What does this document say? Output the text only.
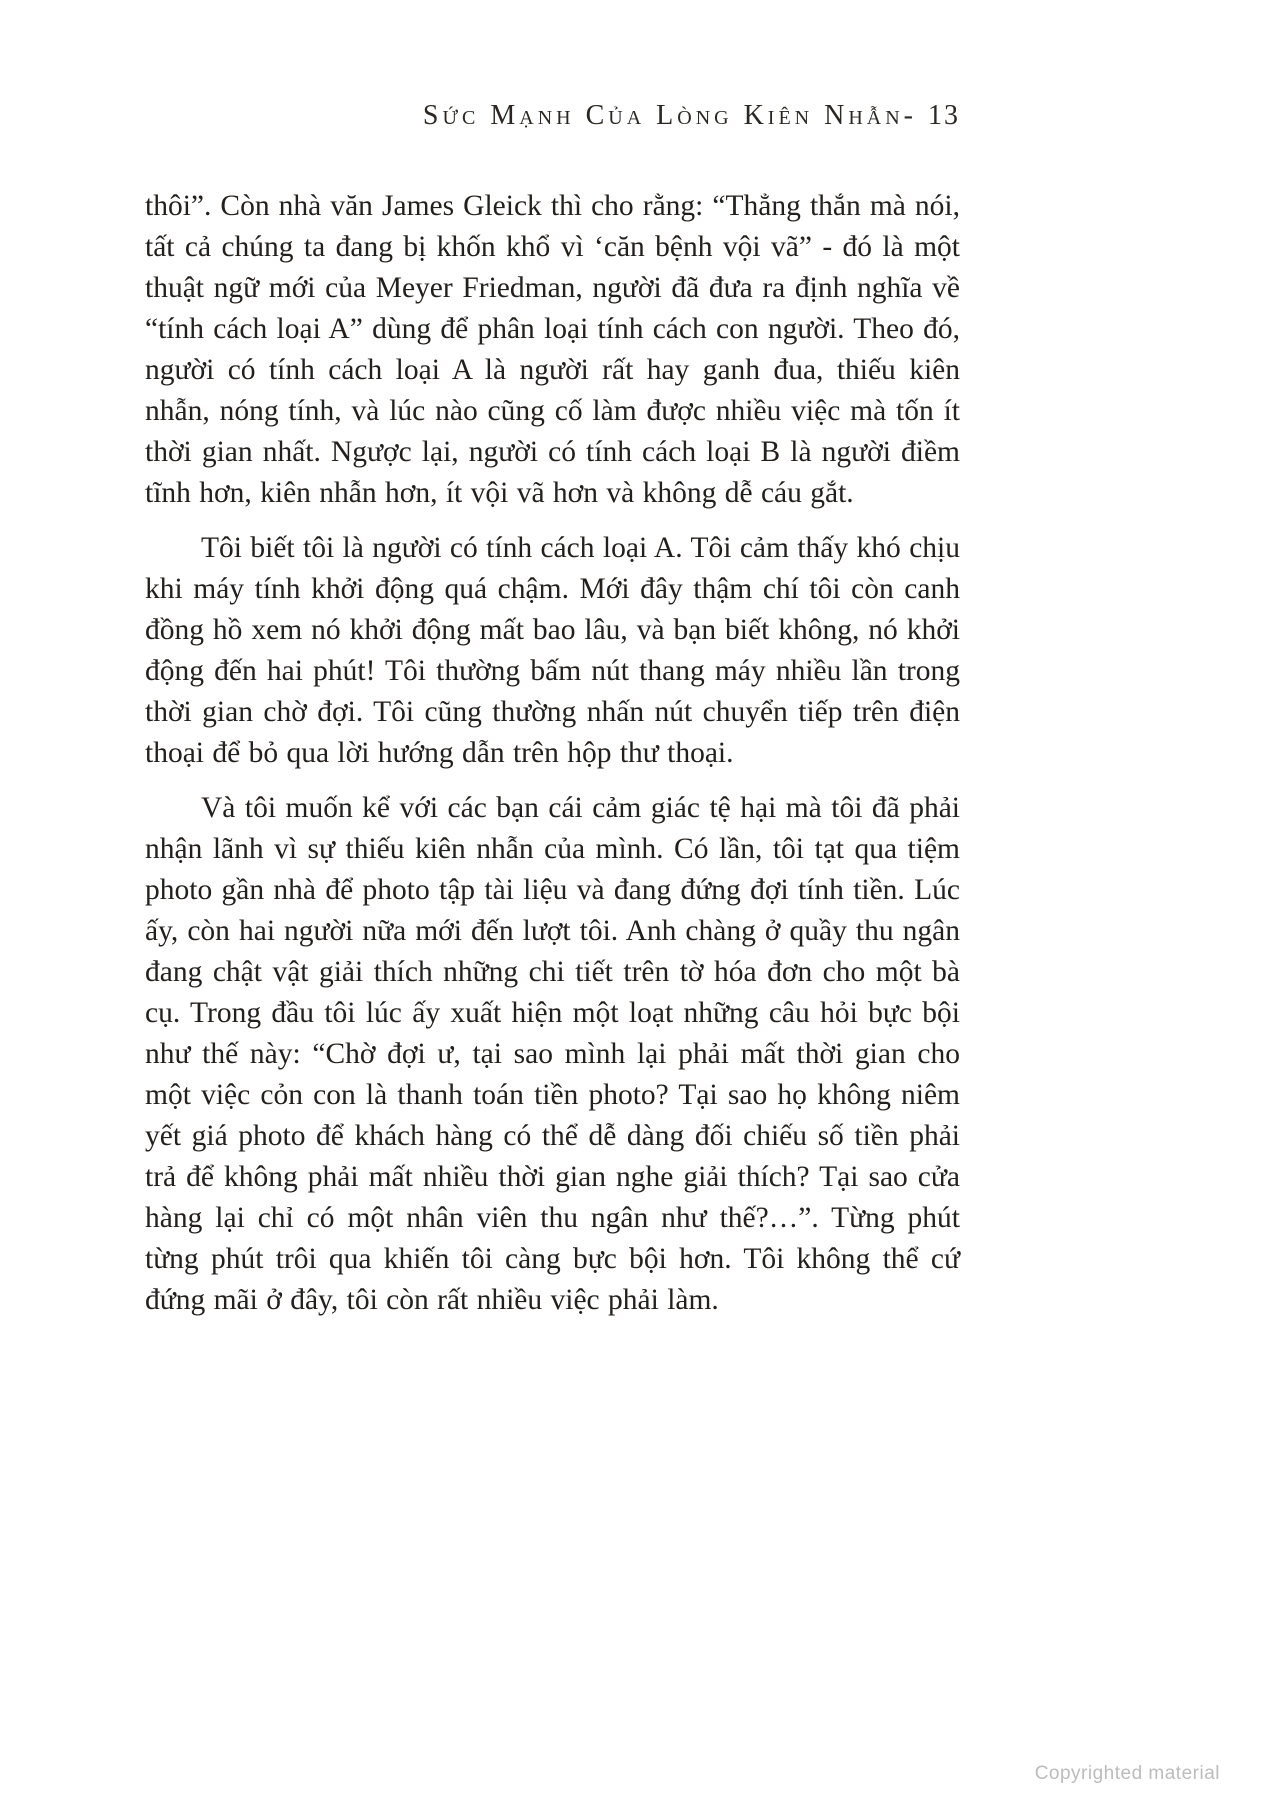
Sức Mạnh Của Lòng Kiên Nhẫn- 13

thôi”. Còn nhà văn James Gleick thì cho rằng: “Thẳng thắn mà nói, tất cả chúng ta đang bị khốn khổ vì ‘căn bệnh vội vã” - đó là một thuật ngữ mới của Meyer Friedman, người đã đưa ra định nghĩa về “tính cách loại A” dùng để phân loại tính cách con người. Theo đó, người có tính cách loại A là người rất hay ganh đua, thiếu kiên nhẫn, nóng tính, và lúc nào cũng cố làm được nhiều việc mà tốn ít thời gian nhất. Ngược lại, người có tính cách loại B là người điềm tĩnh hơn, kiên nhẫn hơn, ít vội vã hơn và không dễ cáu gắt.

Tôi biết tôi là người có tính cách loại A. Tôi cảm thấy khó chịu khi máy tính khởi động quá chậm. Mới đây thậm chí tôi còn canh đồng hồ xem nó khởi động mất bao lâu, và bạn biết không, nó khởi động đến hai phút! Tôi thường bấm nút thang máy nhiều lần trong thời gian chờ đợi. Tôi cũng thường nhấn nút chuyển tiếp trên điện thoại để bỏ qua lời hướng dẫn trên hộp thư thoại.

Và tôi muốn kể với các bạn cái cảm giác tệ hại mà tôi đã phải nhận lãnh vì sự thiếu kiên nhẫn của mình. Có lần, tôi tạt qua tiệm photo gần nhà để photo tập tài liệu và đang đứng đợi tính tiền. Lúc ấy, còn hai người nữa mới đến lượt tôi. Anh chàng ở quầy thu ngân đang chật vật giải thích những chi tiết trên tờ hóa đơn cho một bà cụ. Trong đầu tôi lúc ấy xuất hiện một loạt những câu hỏi bực bội như thế này: “Chờ đợi ư, tại sao mình lại phải mất thời gian cho một việc cỏn con là thanh toán tiền photo? Tại sao họ không niêm yết giá photo để khách hàng có thể dễ dàng đối chiếu số tiền phải trả để không phải mất nhiều thời gian nghe giải thích? Tại sao cửa hàng lại chỉ có một nhân viên thu ngân như thế?…”. Từng phút từng phút trôi qua khiến tôi càng bực bội hơn. Tôi không thể cứ đứng mãi ở đây, tôi còn rất nhiều việc phải làm.

Copyrighted material
